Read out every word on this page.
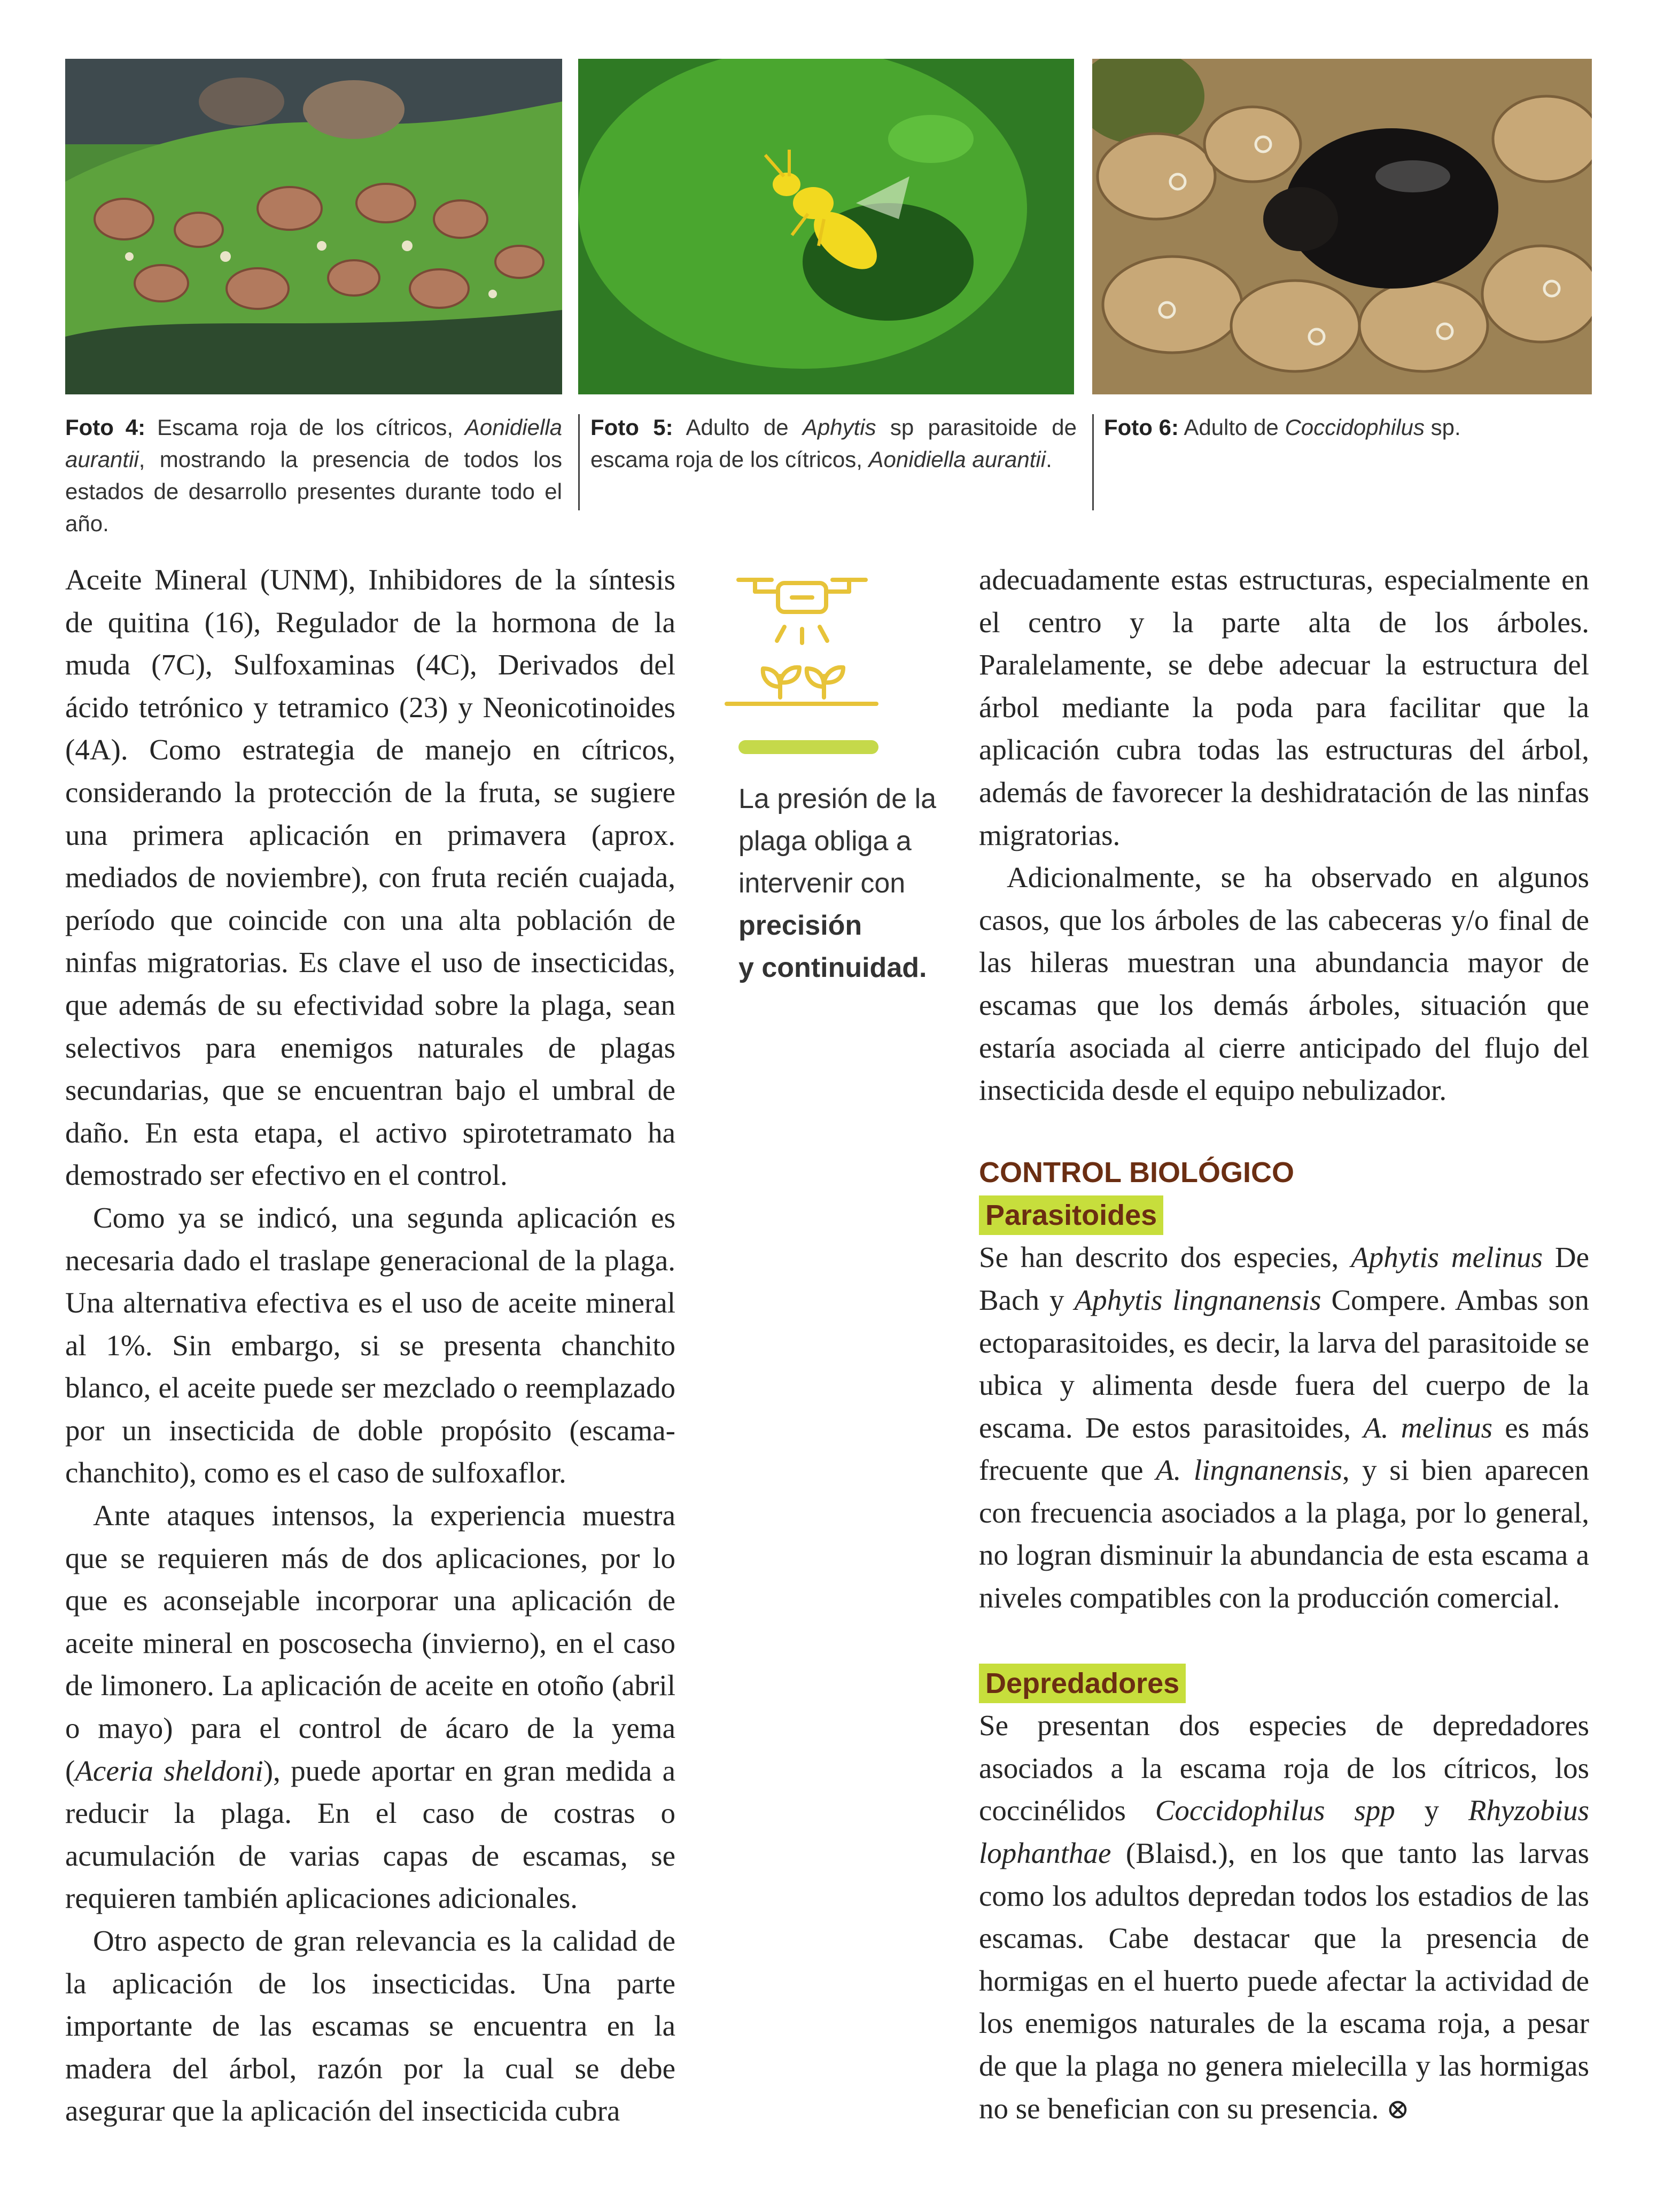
Foto 4: Escama roja de los cítricos, Aonidiella aurantii, mostrando la presencia de todos los estados de desarrollo presentes durante todo el año.
Foto 5: Adulto de Aphytis sp parasitoide de escama roja de los cítricos, Aonidiella aurantii.
Foto 6: Adulto de Coccidophilus sp.

Aceite Mineral (UNM), Inhibidores de la síntesis de quitina (16), Regulador de la hormona de la muda (7C), Sulfoxaminas (4C), Derivados del ácido tetrónico y tetramico (23) y Neonicotinoides (4A). Como estrategia de manejo en cítricos, considerando la protección de la fruta, se sugiere una primera aplicación en primavera (aprox. mediados de noviembre), con fruta recién cuajada, período que coincide con una alta población de ninfas migratorias. Es clave el uso de insecticidas, que además de su efectividad sobre la plaga, sean selectivos para enemigos naturales de plagas secundarias, que se encuentran bajo el umbral de daño. En esta etapa, el activo spirotetramato ha demostrado ser efectivo en el control.

Como ya se indicó, una segunda aplicación es necesaria dado el traslape generacional de la plaga. Una alternativa efectiva es el uso de aceite mineral al 1%. Sin embargo, si se presenta chanchito blanco, el aceite puede ser mezclado o reemplazado por un insecticida de doble propósito (escama-chanchito), como es el caso de sulfoxaflor.

Ante ataques intensos, la experiencia muestra que se requieren más de dos aplicaciones, por lo que es aconsejable incorporar una aplicación de aceite mineral en poscosecha (invierno), en el caso de limonero. La aplicación de aceite en otoño (abril o mayo) para el control de ácaro de la yema (Aceria sheldoni), puede aportar en gran medida a reducir la plaga. En el caso de costras o acumulación de varias capas de escamas, se requieren también aplicaciones adicionales.

Otro aspecto de gran relevancia es la calidad de la aplicación de los insecticidas. Una parte importante de las escamas se encuentra en la madera del árbol, razón por la cual se debe asegurar que la aplicación del insecticida cubra

La presión de la plaga obliga a intervenir con precisión
y continuidad.

adecuadamente estas estructuras, especialmente en el centro y la parte alta de los árboles. Paralelamente, se debe adecuar la estructura del árbol mediante la poda para facilitar que la aplicación cubra todas las estructuras del árbol, además de favorecer la deshidratación de las ninfas migratorias.

Adicionalmente, se ha observado en algunos casos, que los árboles de las cabeceras y/o final de las hileras muestran una abundancia mayor de escamas que los demás árboles, situación que estaría asociada al cierre anticipado del flujo del insecticida desde el equipo nebulizador.

CONTROL BIOLÓGICO
Parasitoides

Se han descrito dos especies, Aphytis melinus De Bach y Aphytis lingnanensis Compere. Ambas son ectoparasitoides, es decir, la larva del parasitoide se ubica y alimenta desde fuera del cuerpo de la escama. De estos parasitoides, A. melinus es más frecuente que A. lingnanensis, y si bien aparecen con frecuencia asociados a la plaga, por lo general, no logran disminuir la abundancia de esta escama a niveles compatibles con la producción comercial.

Depredadores

Se presentan dos especies de depredadores asociados a la escama roja de los cítricos, los coccinélidos Coccidophilus spp y Rhyzobius lophanthae (Blaisd.), en los que tanto las larvas como los adultos depredan todos los estadios de las escamas. Cabe destacar que la presencia de hormigas en el huerto puede afectar la actividad de los enemigos naturales de la escama roja, a pesar de que la plaga no genera mielecilla y las hormigas no se benefician con su presencia. ⊗
